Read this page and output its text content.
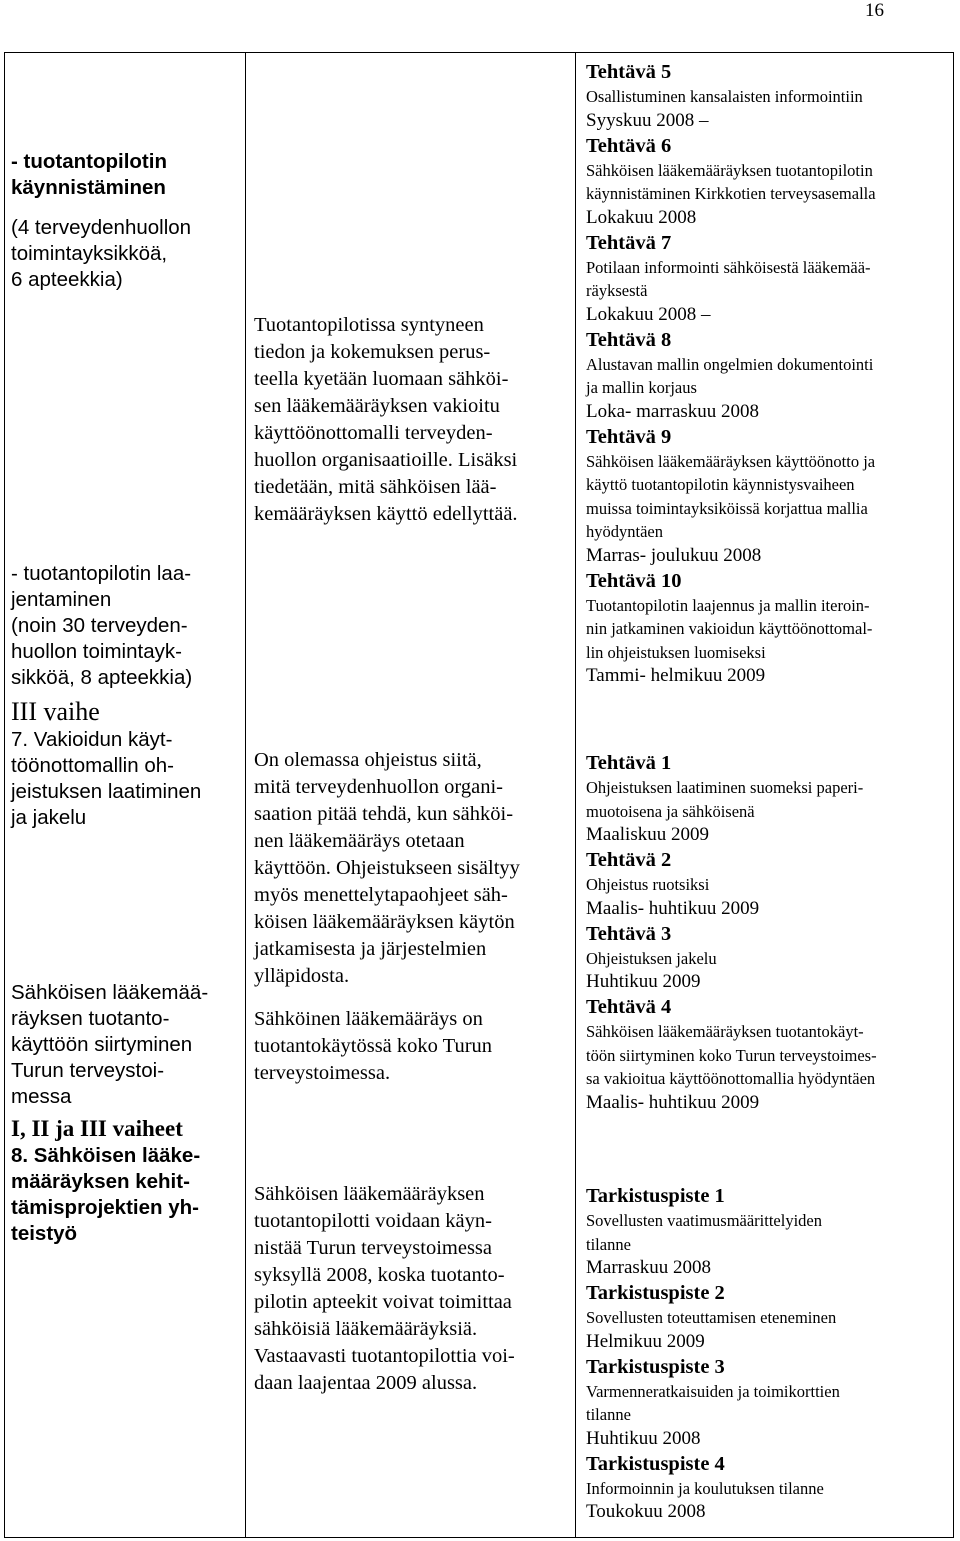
16
- tuotantopilotin
käynnistäminen
(4 terveydenhuollon
toimintayksikköä,
6 apteekkia)
- tuotantopilotin laa-
jentaminen
(noin 30 terveyden-
huollon toimintayk-
sikköä, 8 apteekkia)
III vaihe
7. Vakioidun käyt-
töönottomallin oh-
jeistuksen laatiminen
ja jakelu
Sähköisen lääkemää-
räyksen tuotanto-
käyttöön siirtyminen
Turun terveystoi-
messa
I, II ja III vaiheet
8. Sähköisen lääke-
määräyksen kehit-
tämisprojektien yh-
teistyö

Tuotantopilotissa syntyneen
tiedon ja kokemuksen perus-
teella kyetään luomaan sähköi-
sen lääkemääräyksen vakioitu
käyttöönottomalli terveyden-
huollon organisaatioille. Lisäksi
tiedetään, mitä sähköisen lää-
kemääräyksen käyttö edellyttää.

On olemassa ohjeistus siitä,
mitä terveydenhuollon organi-
saation pitää tehdä, kun sähköi-
nen lääkemääräys otetaan
käyttöön. Ohjeistukseen sisältyy
myös menettelytapaohjeet säh-
köisen lääkemääräyksen käytön
jatkamisesta ja järjestelmien
ylläpidosta.

Sähköinen lääkemääräys on
tuotantokäytössä koko Turun
terveystoimessa.

Sähköisen lääkemääräyksen
tuotantopilotti voidaan käyn-
nistää Turun terveystoimessa
syksyllä 2008, koska tuotanto-
pilotin apteekit voivat toimittaa
sähköisiä lääkemääräyksiä.
Vastaavasti tuotantopilottia voi-
daan laajentaa 2009 alussa.

Tehtävä 5
Osallistuminen kansalaisten informointiin
Syyskuu 2008 –
Tehtävä 6
Sähköisen lääkemääräyksen tuotantopilotin
käynnistäminen Kirkkotien terveysasemalla
Lokakuu 2008
Tehtävä 7
Potilaan informointi sähköisestä lääkemää-
räyksestä
Lokakuu 2008 –
Tehtävä 8
Alustavan mallin ongelmien dokumentointi
ja mallin korjaus
Loka- marraskuu 2008
Tehtävä 9
Sähköisen lääkemääräyksen käyttöönotto ja
käyttö tuotantopilotin käynnistysvaiheen
muissa toimintayksiköissä korjattua mallia
hyödyntäen
Marras- joulukuu 2008
Tehtävä 10
Tuotantopilotin laajennus ja mallin iteroin-
nin jatkaminen vakioidun käyttöönottomal-
lin ohjeistuksen luomiseksi
Tammi- helmikuu 2009
Tehtävä 1
Ohjeistuksen laatiminen suomeksi paperi-
muotoisena ja sähköisenä
Maaliskuu 2009
Tehtävä 2
Ohjeistus ruotsiksi
Maalis- huhtikuu 2009
Tehtävä 3
Ohjeistuksen jakelu
Huhtikuu 2009
Tehtävä 4
Sähköisen lääkemääräyksen tuotantokäyt-
töön siirtyminen koko Turun terveystoimes-
sa vakioitua käyttöönottomallia hyödyntäen
Maalis- huhtikuu 2009
Tarkistuspiste 1
Sovellusten vaatimusmäärittelyiden
tilanne
Marraskuu 2008
Tarkistuspiste 2
Sovellusten toteuttamisen eteneminen
Helmikuu 2009
Tarkistuspiste 3
Varmenneratkaisuiden ja toimikorttien
tilanne
Huhtikuu 2008
Tarkistuspiste 4
Informoinnin ja koulutuksen tilanne
Toukokuu 2008
